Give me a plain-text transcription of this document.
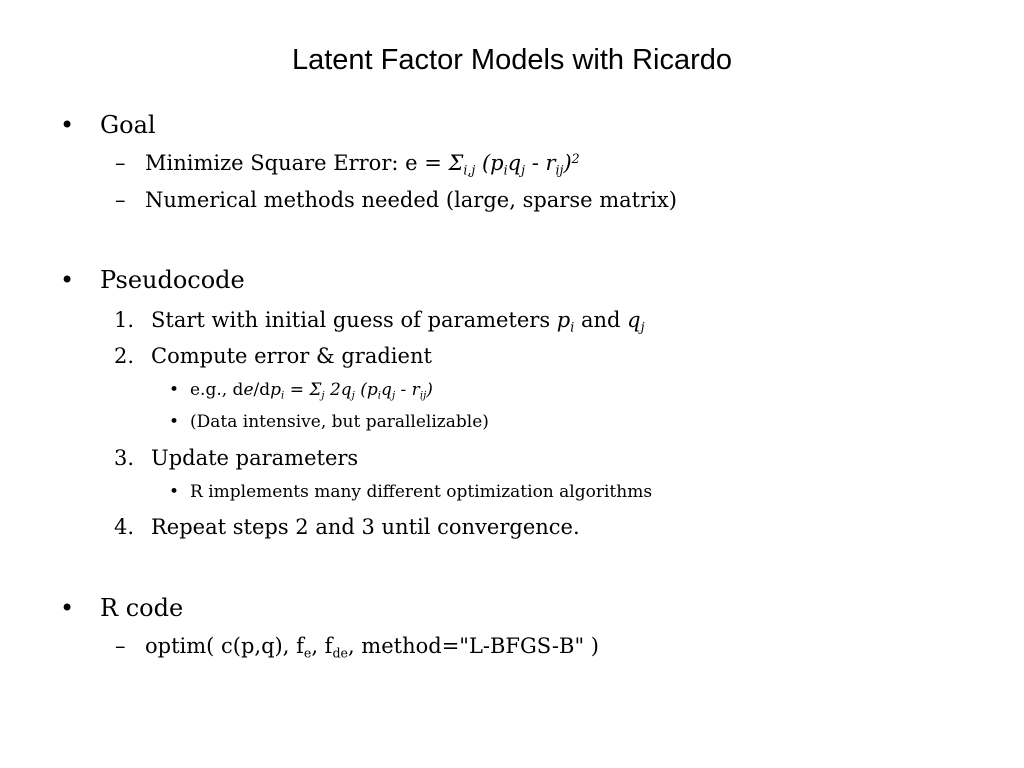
Latent Factor Models with Ricardo
• Goal
– Minimize Square Error: $e = \Sigma_{i,j}$ $(p_iq_j - r_{ij})^2$
– Numerical methods needed (large, sparse matrix)
• Pseudocode
1. Start with initial guess of parameters $p_i$ and $q_j$
2. Compute error & gradient
• e.g., $de/dp_i = \Sigma_j$ $2q_j$ $(p_iq_j - r_{ij})$
• (Data intensive, but parallelizable)
3. Update parameters
• R implements many different optimization algorithms
4. Repeat steps 2 and 3 until convergence.
• R code
– optim( c(p,q), $f_e$, $f_{de}$, method="L-BFGS-B" )
